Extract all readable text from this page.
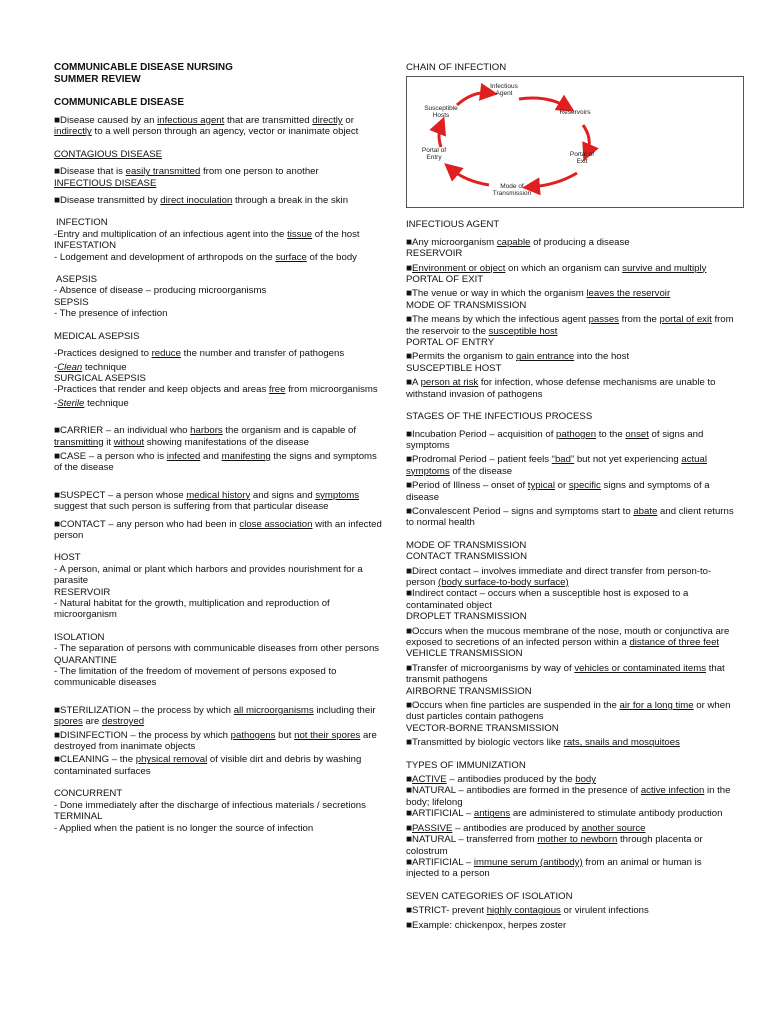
COMMUNICABLE DISEASE NURSING

SUMMER REVIEW

COMMUNICABLE DISEASE

■ Disease caused by an infectious agent that are transmitted directly or indirectly to a well person through an agency, vector or inanimate object

CONTAGIOUS DISEASE

■ Disease that is easily transmitted from one person to another

INFECTIOUS DISEASE

■ Disease transmitted by direct inoculation through a break in the skin

INFECTION

-Entry and multiplication of an infectious agent into the tissue of the host

INFESTATION

- Lodgement and development of arthropods on the surface of the body

ASEPSIS

- Absence of disease – producing microorganisms

SEPSIS

- The presence of infection

MEDICAL ASEPSIS

-Practices designed to reduce the number and transfer of pathogens

-Clean technique

SURGICAL ASEPSIS

-Practices that render and keep objects and areas free from microorganisms

-Sterile technique

■ CARRIER – an individual who harbors the organism and is capable of transmitting it without showing manifestations of the disease

■ CASE – a person who is infected and manifesting the signs and symptoms of the disease

■ SUSPECT – a person whose medical history and signs and symptoms suggest that such person is suffering from that particular disease

■ CONTACT – any person who had been in close association with an infected person

HOST

- A person, animal or plant which harbors and provides nourishment for a parasite

RESERVOIR

- Natural habitat for the growth, multiplication and reproduction of microorganism

ISOLATION

- The separation of persons with communicable diseases from other persons

QUARANTINE

- The limitation of the freedom of movement of persons exposed to communicable diseases

■ STERILIZATION – the process by which all microorganisms including their spores are destroyed

■ DISINFECTION – the process by which pathogens but not their spores are destroyed from inanimate objects

■ CLEANING – the physical removal of visible dirt and debris by washing contaminated surfaces

CONCURRENT

- Done immediately after the discharge of infectious materials / secretions

TERMINAL

- Applied when the patient is no longer the source of infection

CHAIN OF INFECTION

Infectious Agent
Reservoirs
Portal of Exit
Mode of Transmission
Portal of Entry
Susceptible Hosts

INFECTIOUS AGENT

■ Any microorganism capable of producing a disease

RESERVOIR

■ Environment or object on which an organism can survive and multiply

PORTAL OF EXIT

■ The venue or way in which the organism leaves the reservoir

MODE OF TRANSMISSION

■ The means by which the infectious agent passes from the portal of exit from the reservoir to the susceptible host

PORTAL OF ENTRY

■ Permits the organism to gain entrance into the host

SUSCEPTIBLE HOST

■ A person at risk for infection, whose defense mechanisms are unable to withstand invasion of pathogens

STAGES OF THE INFECTIOUS PROCESS

■ Incubation Period – acquisition of pathogen to the onset of signs and symptoms

■ Prodromal Period – patient feels “bad” but not yet experiencing actual symptoms of the disease

■ Period of Illness – onset of typical or specific signs and symptoms of a disease

■ Convalescent Period – signs and symptoms start to abate and client returns to normal health

MODE OF TRANSMISSION

CONTACT TRANSMISSION

■ Direct contact – involves immediate and direct transfer from person-to-person (body surface-to-body surface)

■ Indirect contact – occurs when a susceptible host is exposed to a contaminated object

DROPLET TRANSMISSION

■ Occurs when the mucous membrane of the nose, mouth or conjunctiva are exposed to secretions of an infected person within a distance of three feet

VEHICLE TRANSMISSION

■ Transfer of microorganisms by way of vehicles or contaminated items that transmit pathogens

AIRBORNE TRANSMISSION

■ Occurs when fine particles are suspended in the air for a long time or when dust particles contain pathogens

VECTOR-BORNE TRANSMISSION

■ Transmitted by biologic vectors like rats, snails and mosquitoes

TYPES OF IMMUNIZATION

■ ACTIVE – antibodies produced by the body

■ NATURAL – antibodies are formed in the presence of active infection in the body; lifelong

■ ARTIFICIAL – antigens are administered to stimulate antibody production

■ PASSIVE – antibodies are produced by another source

■ NATURAL – transferred from mother to newborn through placenta or colostrum

■ ARTIFICIAL – immune serum (antibody) from an animal or human is injected to a person

SEVEN CATEGORIES OF ISOLATION

■ STRICT- prevent highly contagious or virulent infections

■ Example: chickenpox, herpes zoster
